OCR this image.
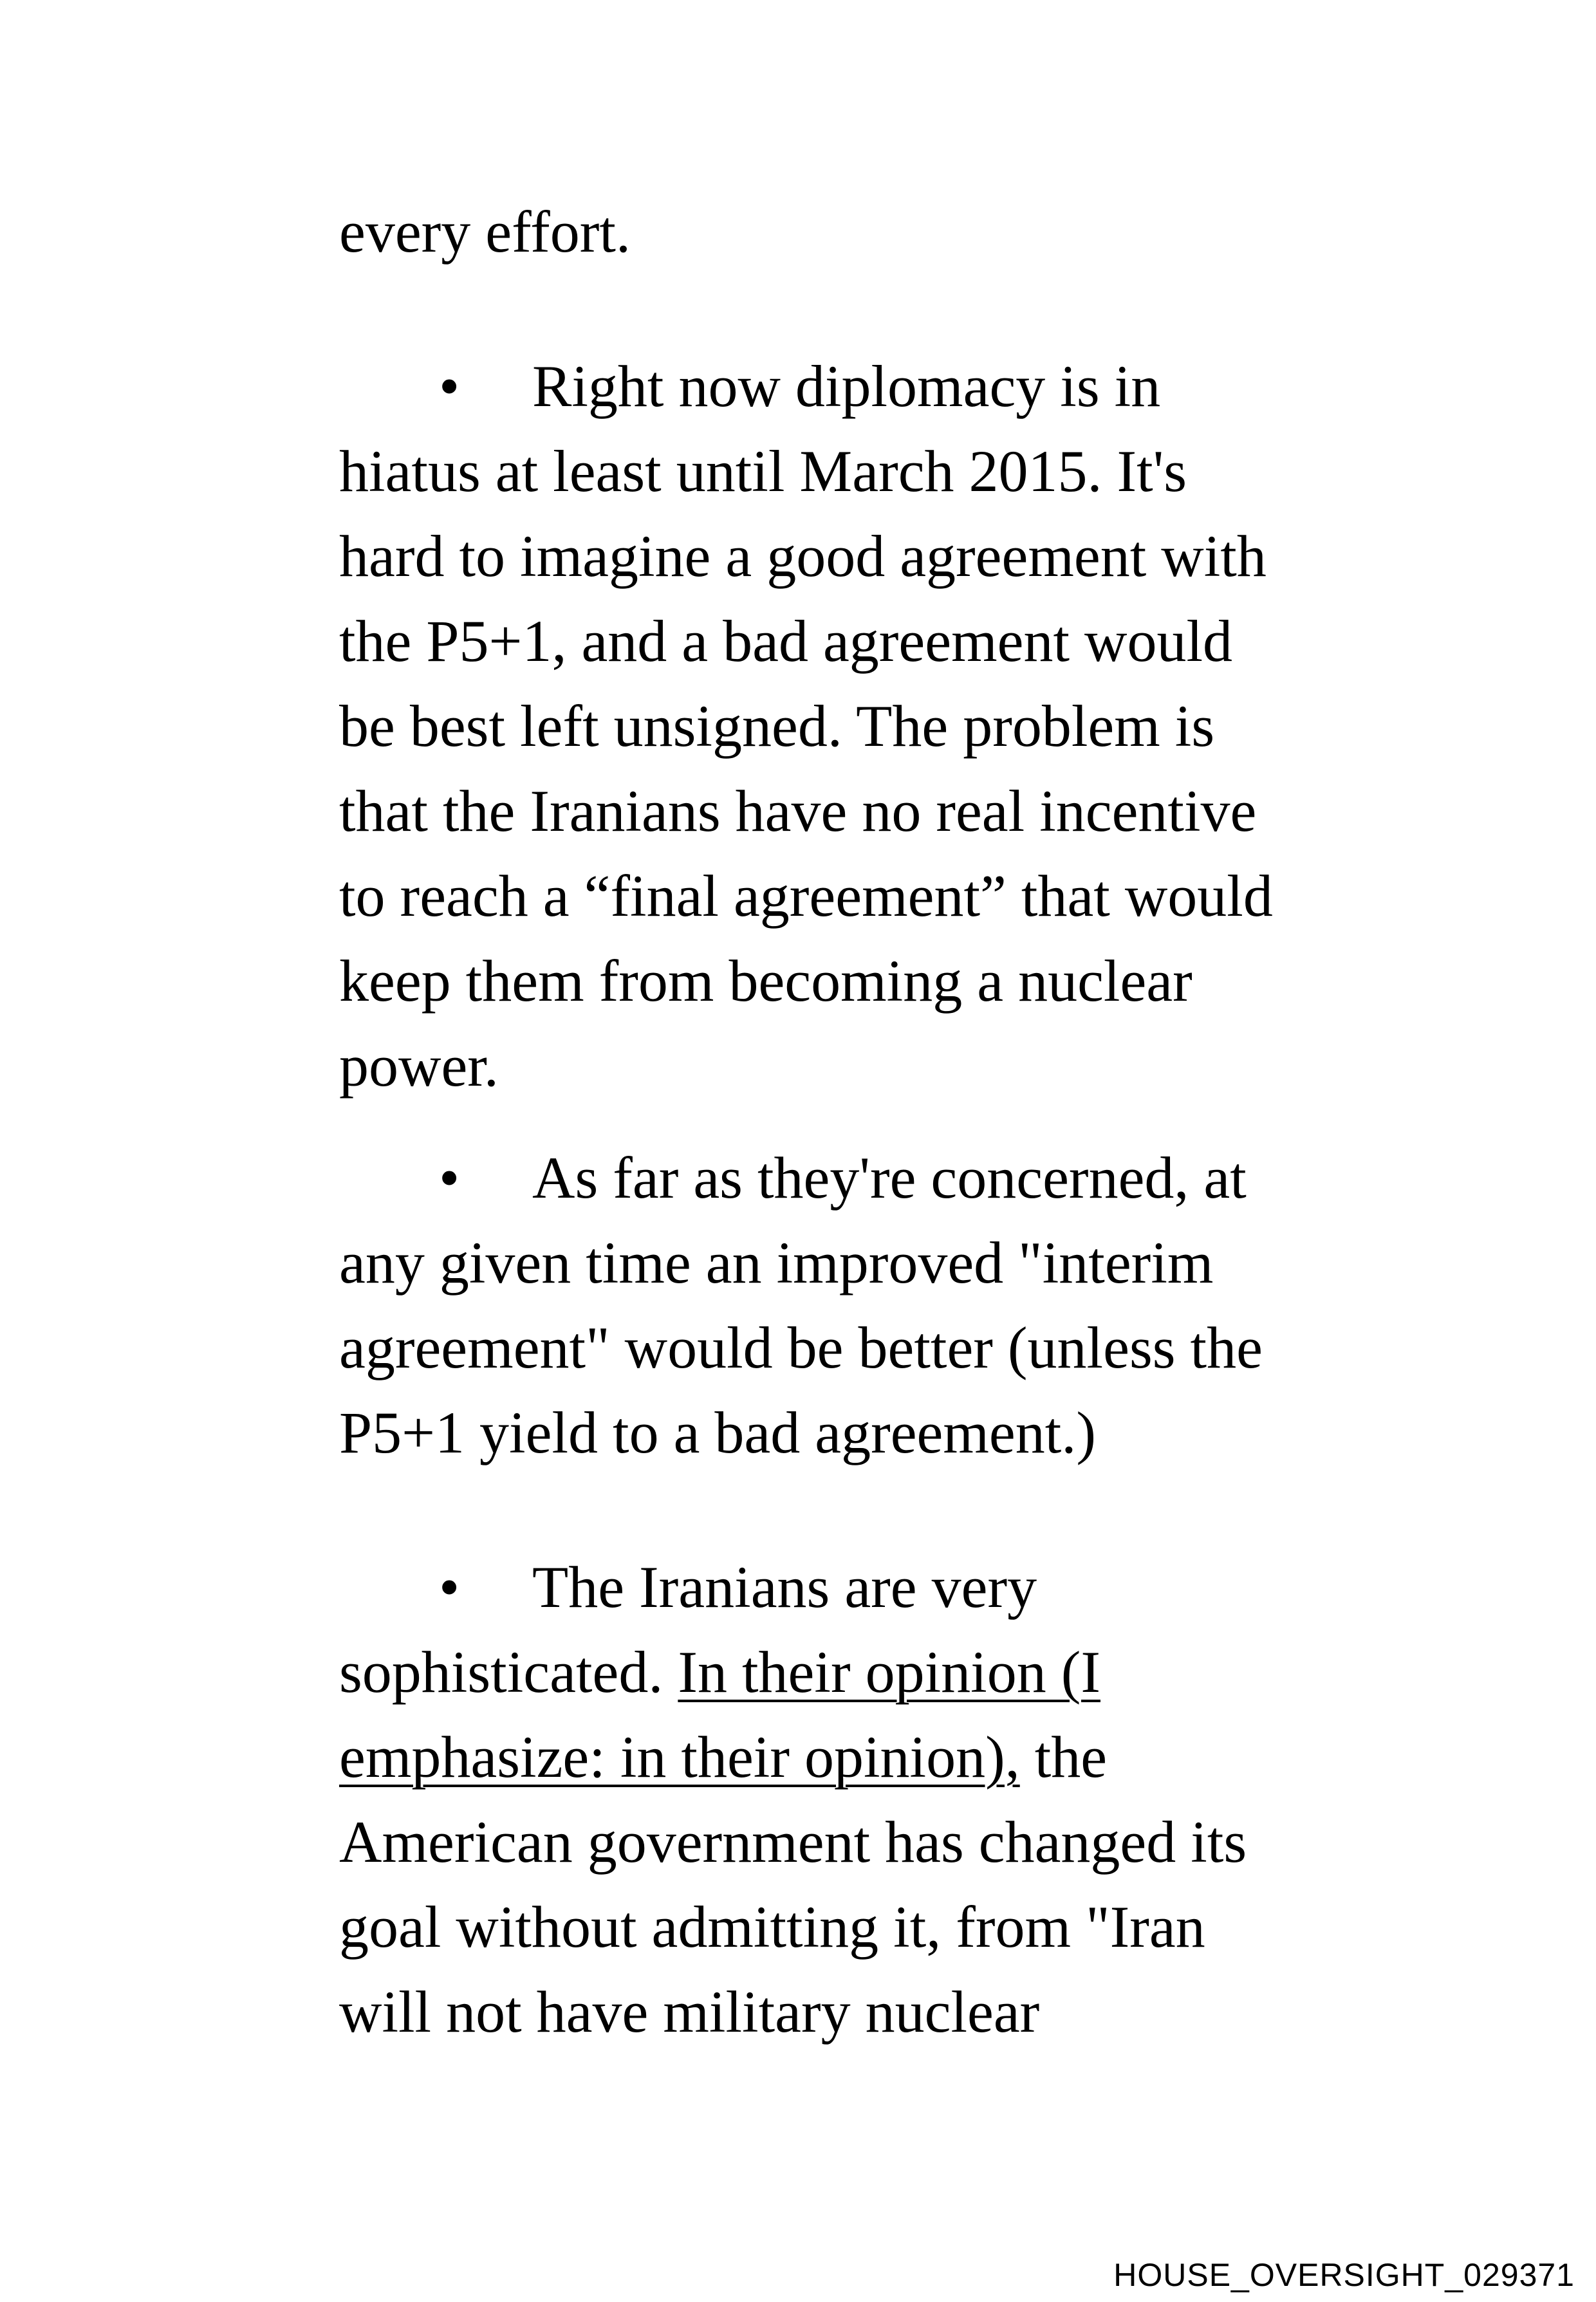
every effort.
• Right now diplomacy is in
hiatus at least until March 2015. It's
hard to imagine a good agreement with
the P5+1, and a bad agreement would
be best left unsigned. The problem is
that the Iranians have no real incentive
to reach a “final agreement” that would
keep them from becoming a nuclear
power.
• As far as they're concerned, at
any given time an improved "interim
agreement" would be better (unless the
P5+1 yield to a bad agreement.)
• The Iranians are very
sophisticated. In their opinion (I
emphasize: in their opinion), the
American government has changed its
goal without admitting it, from "Iran
will not have military nuclear
HOUSE_OVERSIGHT_029371
